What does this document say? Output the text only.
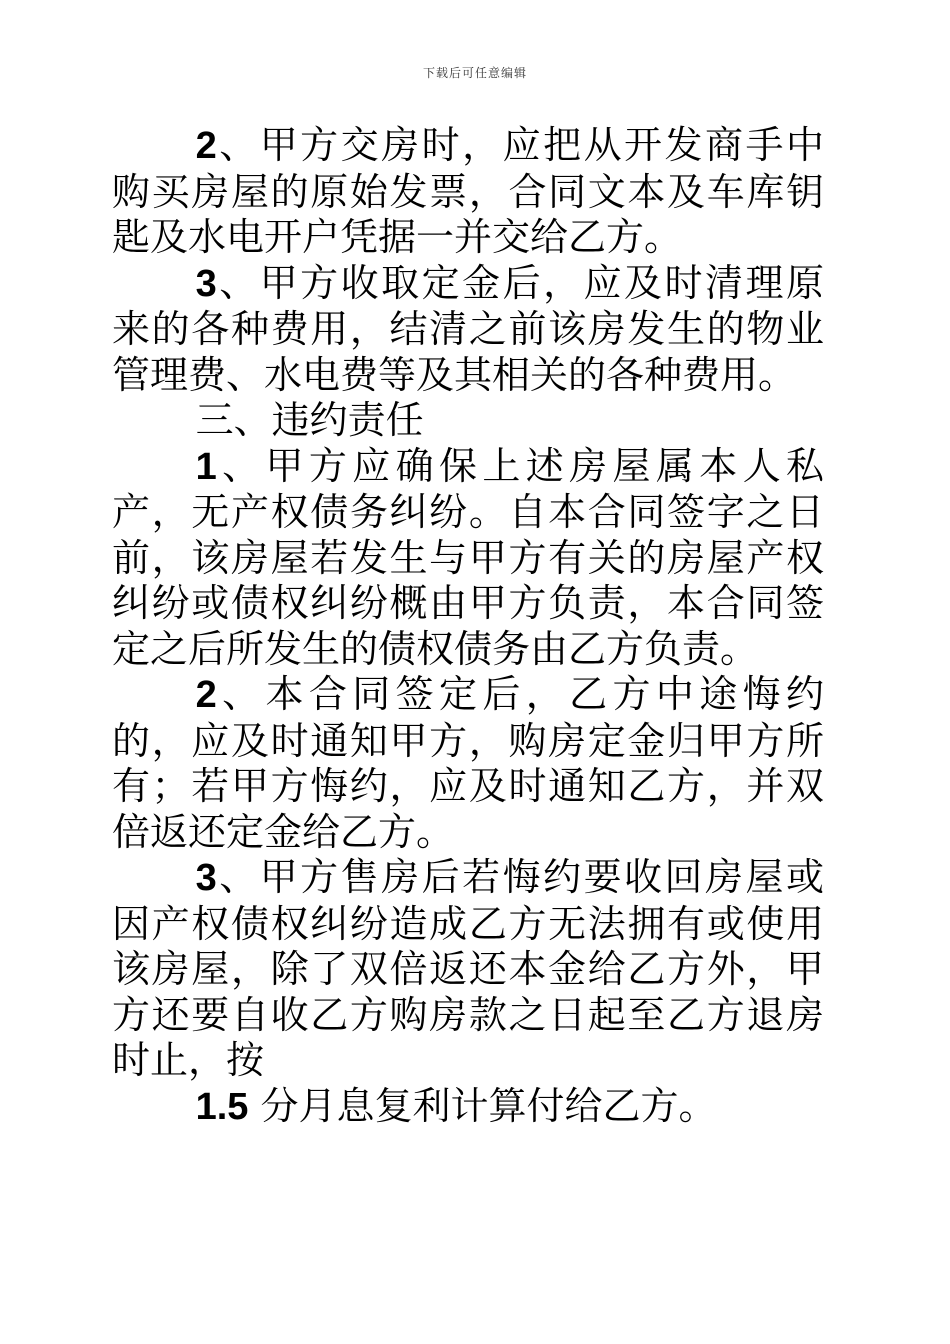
下载后可任意编辑

2、甲方交房时，应把从开发商手中购买房屋的原始发票，合同文本及车库钥匙及水电开户凭据一并交给乙方。

3、甲方收取定金后，应及时清理原来的各种费用，结清之前该房发生的物业管理费、水电费等及其相关的各种费用。

三、违约责任

1、甲方应确保上述房屋属本人私产，无产权债务纠纷。自本合同签字之日前，该房屋若发生与甲方有关的房屋产权纠纷或债权纠纷概由甲方负责，本合同签定之后所发生的债权债务由乙方负责。

2、本合同签定后，乙方中途悔约的，应及时通知甲方，购房定金归甲方所有；若甲方悔约，应及时通知乙方，并双倍返还定金给乙方。

3、甲方售房后若悔约要收回房屋或因产权债权纠纷造成乙方无法拥有或使用该房屋，除了双倍返还本金给乙方外，甲方还要自收乙方购房款之日起至乙方退房时止，按

1.5 分月息复利计算付给乙方。
